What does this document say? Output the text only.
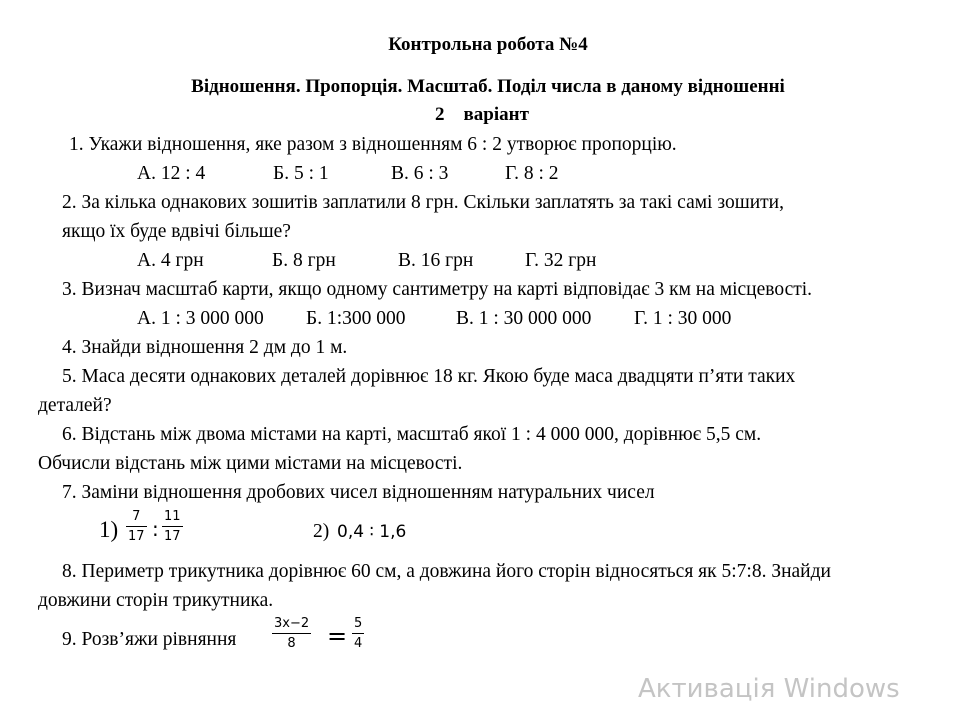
Контрольна робота №4
Відношення. Пропорція. Масштаб. Поділ числа в даному відношенні
2 варіант
1. Укажи відношення, яке разом з відношенням 6 : 2 утворює пропорцію.
А. 12 : 4	Б. 5 : 1	В. 6 : 3	Г. 8 : 2
2. За кілька однакових зошитів заплатили 8 грн. Скільки заплатять за такі самі зошити,
якщо їх буде вдвічі більше?
А. 4 грн	Б. 8 грн	В. 16 грн	Г. 32 грн
3. Визнач масштаб карти, якщо одному сантиметру на карті відповідає 3 км на місцевості.
А. 1 : 3 000 000 Б. 1:300 000	В. 1 : 30 000 000 Г. 1 : 30 000
4. Знайди відношення 2 дм до 1 м.
5. Маса десяти однакових деталей дорівнює 18 кг. Якою буде маса двадцяти п’яти таких
деталей?
6. Відстань між двома містами на карті, масштаб якої 1 : 4 000 000, дорівнює 5,5 см.
Обчисли відстань між цими містами на місцевості.
7. Заміни відношення дробових чисел відношенням натуральних чисел
1)
7
17 :
11
17	2) 0,4 ∶ 1,6
8. Периметр трикутника дорівнює 60 см, а довжина його сторін відносяться як 5:7:8. Знайди
довжини сторін трикутника.
9. Розв’яжи рівняння
3x−2
8 = 5
4
Активація Windows
